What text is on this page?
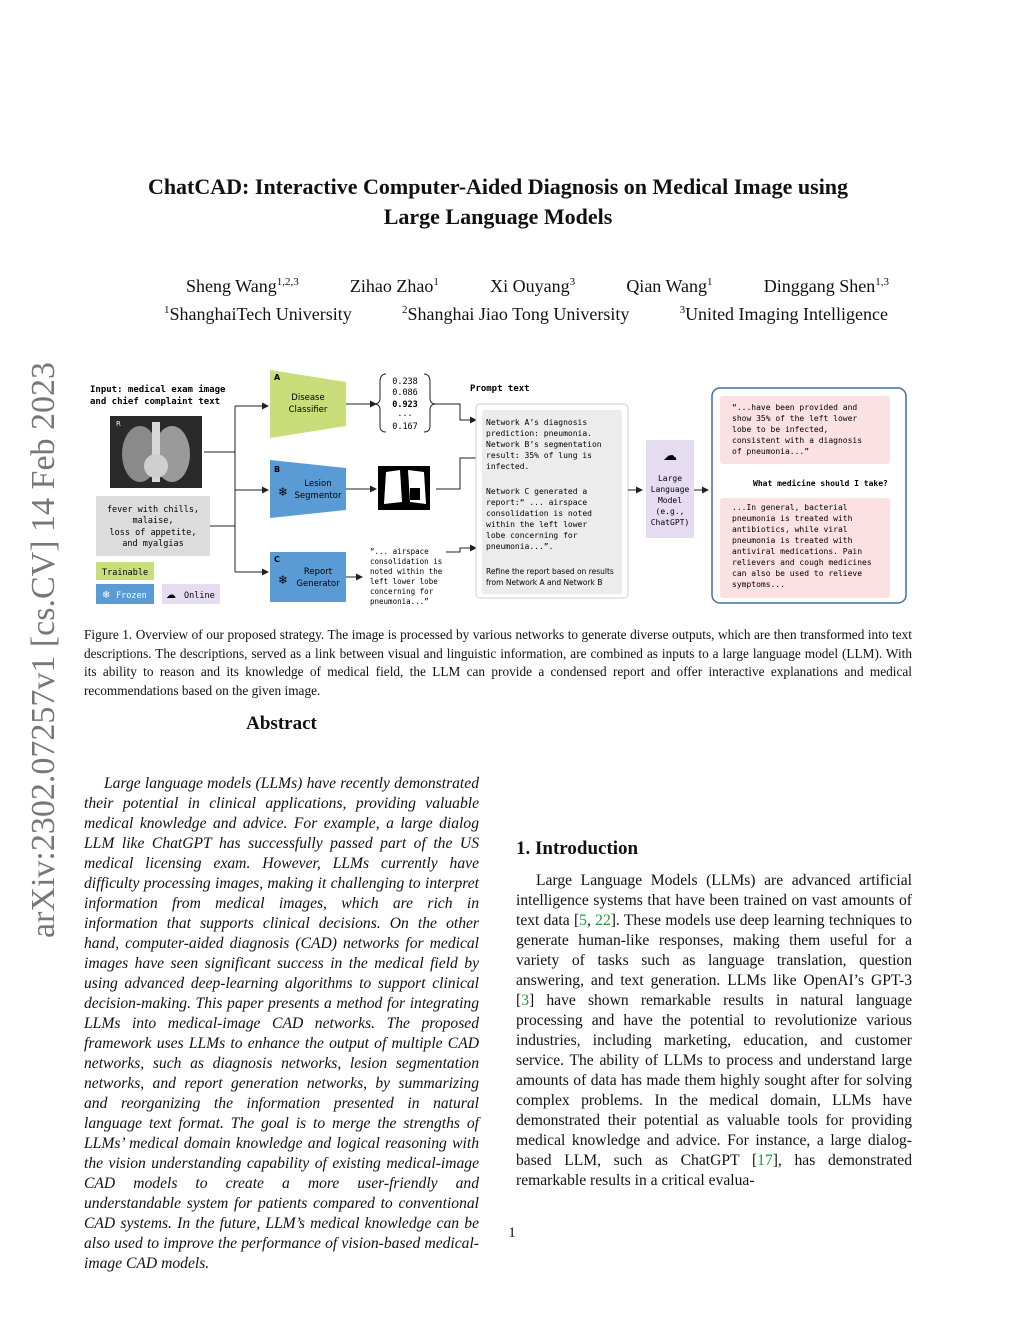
arXiv:2302.07257v1 [cs.CV] 14 Feb 2023
ChatCAD: Interactive Computer-Aided Diagnosis on Medical Image using
Large Language Models
Sheng Wang$^{1,2,3}$	Zihao Zhao$^1$	Xi Ouyang$^3$	Qian Wang$^1$	Dinggang Shen$^{1,3}$
$^1$ShanghaiTech University	$^2$Shanghai Jiao Tong University	$^3$United Imaging Intelligence
Input: medical exam image
and chief complaint text
R
fever with chills,
malaise,
loss of appetite,
and myalgias
Trainable
❄ Frozen ☁ Online
A
Disease
Classifier
B
❄
Lesion
Segmentor
C
❄
Report
Generator
0.238
0.086
0.923
...
0.167
“... airspace
consolidation is
noted within the
left lower lobe
concerning for
pneumonia...”
Prompt text
Network A’s diagnosis
prediction: pneumonia.
Network B’s segmentation
result: 35% of lung is
infected.
Network C generated a
report:“ ... airspace
consolidation is noted
within the left lower
lobe concerning for
pneumonia...”.
Refine the report based on results
from Network A and Network B
☁
Large
Language
Model
(e.g.,
ChatGPT)
“...have been provided and
show 35% of the left lower
lobe to be infected,
consistent with a diagnosis
of pneumonia...”
What medicine should I take?
...In general, bacterial
pneumonia is treated with
antibiotics, while viral
pneumonia is treated with
antiviral medications. Pain
relievers and cough medicines
can also be used to relieve
symptoms...
Figure 1. Overview of our proposed strategy. The image is processed by various networks to generate diverse outputs, which are then transformed into text descriptions. The descriptions, served as a link between visual and linguistic information, are combined as inputs to a large language model (LLM). With its ability to reason and its knowledge of medical field, the LLM can provide a condensed report and offer interactive explanations and medical recommendations based on the given image.
Abstract

Large language models (LLMs) have recently demonstrated their potential in clinical applications, providing valuable medical knowledge and advice. For example, a large dialog LLM like ChatGPT has successfully passed part of the US medical licensing exam. However, LLMs currently have difficulty processing images, making it challenging to interpret information from medical images, which are rich in information that supports clinical decisions. On the other hand, computer-aided diagnosis (CAD) networks for medical images have seen significant success in the medical field by using advanced deep-learning algorithms to support clinical decision-making. This paper presents a method for integrating LLMs into medical-image CAD networks. The proposed framework uses LLMs to enhance the output of multiple CAD networks, such as diagnosis networks, lesion segmentation networks, and report generation networks, by summarizing and reorganizing the information presented in natural language text format. The goal is to merge the strengths of LLMs’ medical domain knowledge and logical reasoning with the vision understanding capability of existing medical-image CAD models to create a more user-friendly and understandable system for patients compared to conventional CAD systems. In the future, LLM’s medical knowledge can be also used to improve the performance of vision-based medical-image CAD models.

1. Introduction

Large Language Models (LLMs) are advanced artificial intelligence systems that have been trained on vast amounts of text data [5, 22]. These models use deep learning techniques to generate human-like responses, making them useful for a variety of tasks such as language translation, question answering, and text generation. LLMs like OpenAI’s GPT-3 [3] have shown remarkable results in natural language processing and have the potential to revolutionize various industries, including marketing, education, and customer service. The ability of LLMs to process and understand large amounts of data has made them highly sought after for solving complex problems. In the medical domain, LLMs have demonstrated their potential as valuable tools for providing medical knowledge and advice. For instance, a large dialog-based LLM, such as ChatGPT [17], has demonstrated remarkable results in a critical evalua-

1
